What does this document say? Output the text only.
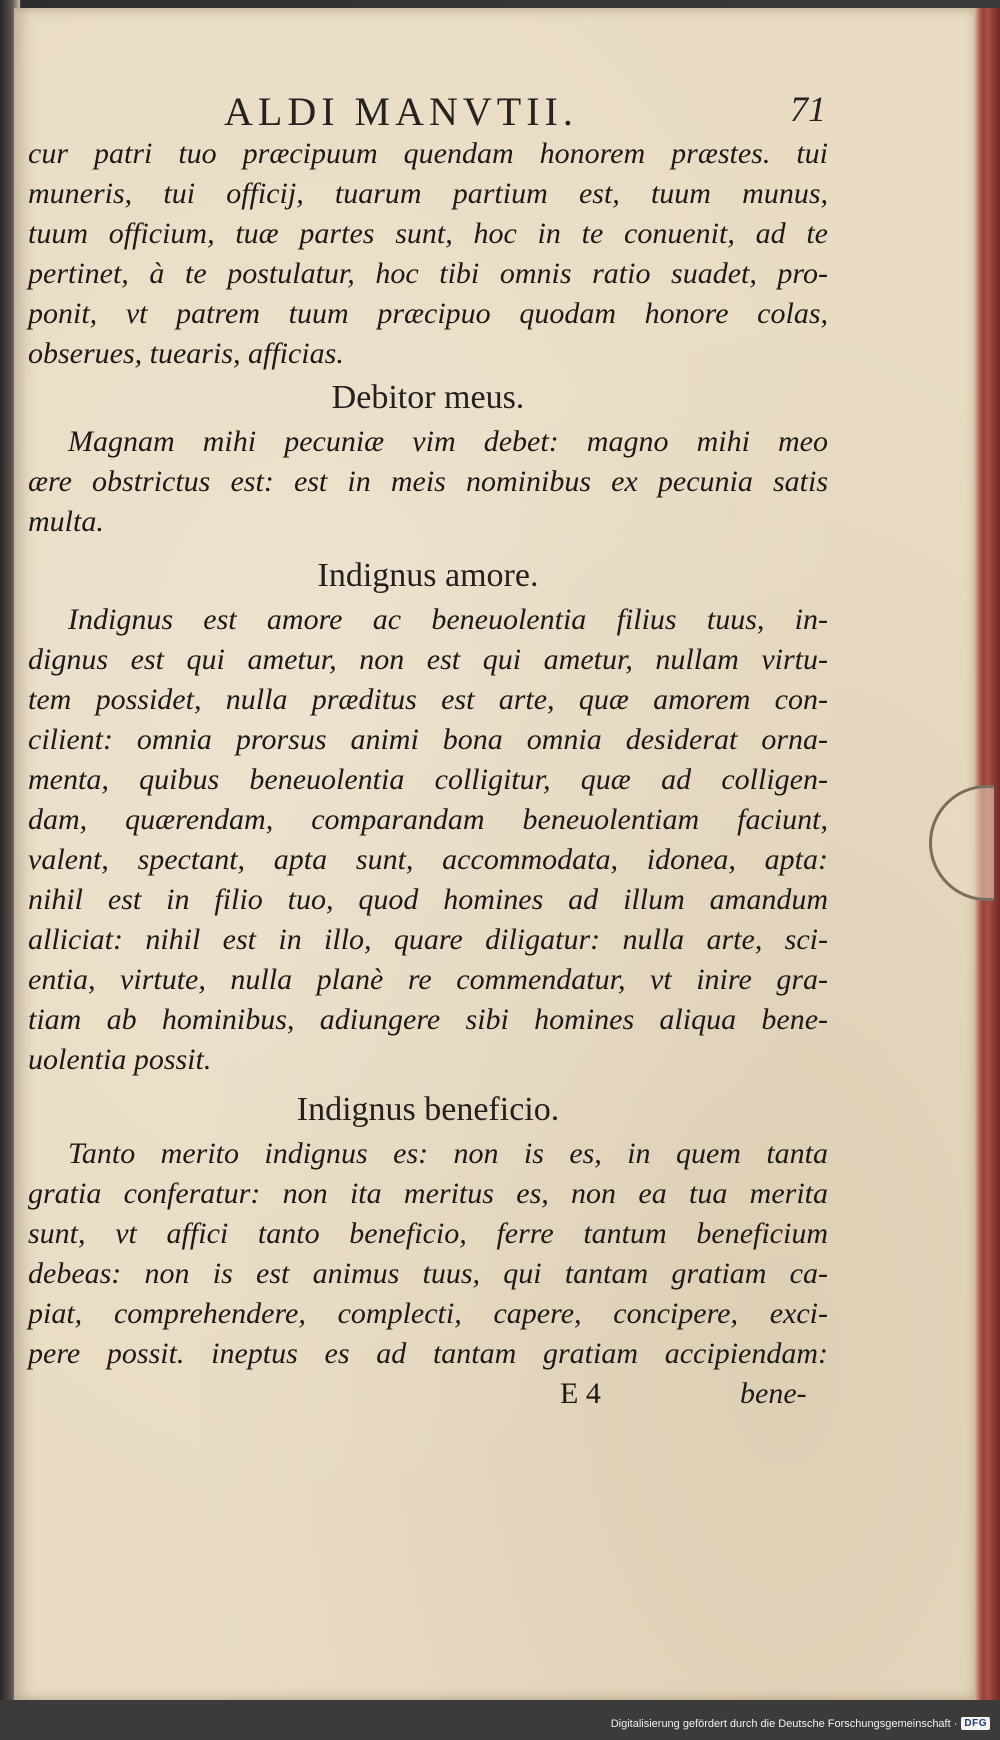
ALDI MANVTII.	71
cur patri tuo præcipuum quendam honorem præstes. tui
muneris, tui officij, tuarum partium est, tuum munus,
tuum officium, tuæ partes sunt, hoc in te conuenit, ad te
pertinet, à te postulatur, hoc tibi omnis ratio suadet, pro-
ponit, vt patrem tuum præcipuo quodam honore colas,
obserues, tuearis, afficias.
Debitor meus.
Magnam mihi pecuniæ vim debet: magno mihi meo
ære obstrictus est: est in meis nominibus ex pecunia satis
multa.
Indignus amore.
Indignus est amore ac beneuolentia filius tuus, in-
dignus est qui ametur, non est qui ametur, nullam virtu-
tem possidet, nulla præditus est arte, quæ amorem con-
cilient: omnia prorsus animi bona omnia desiderat orna-
menta, quibus beneuolentia colligitur, quæ ad colligen-
dam, quærendam, comparandam beneuolentiam faciunt,
valent, spectant, apta sunt, accommodata, idonea, apta:
nihil est in filio tuo, quod homines ad illum amandum
alliciat: nihil est in illo, quare diligatur: nulla arte, sci-
entia, virtute, nulla planè re commendatur, vt inire gra-
tiam ab hominibus, adiungere sibi homines aliqua bene-
uolentia possit.
Indignus beneficio.
Tanto merito indignus es: non is es, in quem tanta
gratia conferatur: non ita meritus es, non ea tua merita
sunt, vt affici tanto beneficio, ferre tantum beneficium
debeas: non is est animus tuus, qui tantam gratiam ca-
piat, comprehendere, complecti, capere, concipere, exci-
pere possit. ineptus es ad tantam gratiam accipiendam:
E 4	bene-
Digitalisierung gefördert durch die Deutsche Forschungsgemeinschaft · DFG
